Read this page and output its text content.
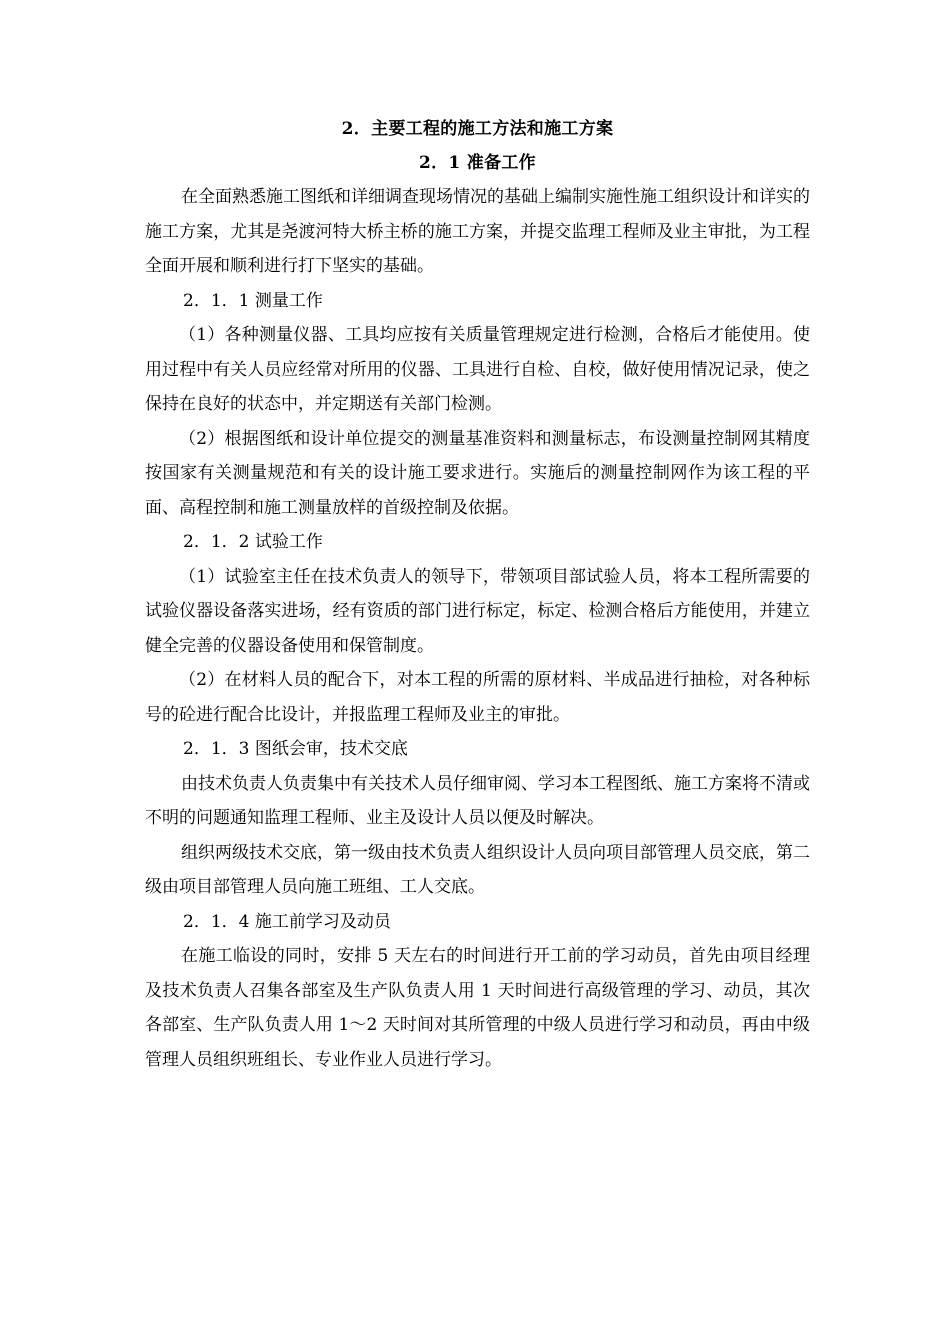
2．主要工程的施工方法和施工方案
2．1 准备工作

在全面熟悉施工图纸和详细调查现场情况的基础上编制实施性施工组织设计和详实的施工方案，尤其是尧渡河特大桥主桥的施工方案，并提交监理工程师及业主审批，为工程全面开展和顺利进行打下坚实的基础。

2．1．1 测量工作

（1）各种测量仪器、工具均应按有关质量管理规定进行检测，合格后才能使用。使用过程中有关人员应经常对所用的仪器、工具进行自检、自校，做好使用情况记录，使之保持在良好的状态中，并定期送有关部门检测。

（2）根据图纸和设计单位提交的测量基准资料和测量标志，布设测量控制网其精度按国家有关测量规范和有关的设计施工要求进行。实施后的测量控制网作为该工程的平面、高程控制和施工测量放样的首级控制及依据。

2．1．2 试验工作

（1）试验室主任在技术负责人的领导下，带领项目部试验人员，将本工程所需要的试验仪器设备落实进场，经有资质的部门进行标定，标定、检测合格后方能使用，并建立健全完善的仪器设备使用和保管制度。

（2）在材料人员的配合下，对本工程的所需的原材料、半成品进行抽检，对各种标号的砼进行配合比设计，并报监理工程师及业主的审批。

2．1．3 图纸会审，技术交底

由技术负责人负责集中有关技术人员仔细审阅、学习本工程图纸、施工方案将不清或不明的问题通知监理工程师、业主及设计人员以便及时解决。

组织两级技术交底，第一级由技术负责人组织设计人员向项目部管理人员交底，第二级由项目部管理人员向施工班组、工人交底。

2．1．4 施工前学习及动员

在施工临设的同时，安排 5 天左右的时间进行开工前的学习动员，首先由项目经理及技术负责人召集各部室及生产队负责人用 1 天时间进行高级管理的学习、动员，其次各部室、生产队负责人用 1～2 天时间对其所管理的中级人员进行学习和动员，再由中级管理人员组织班组长、专业作业人员进行学习。
